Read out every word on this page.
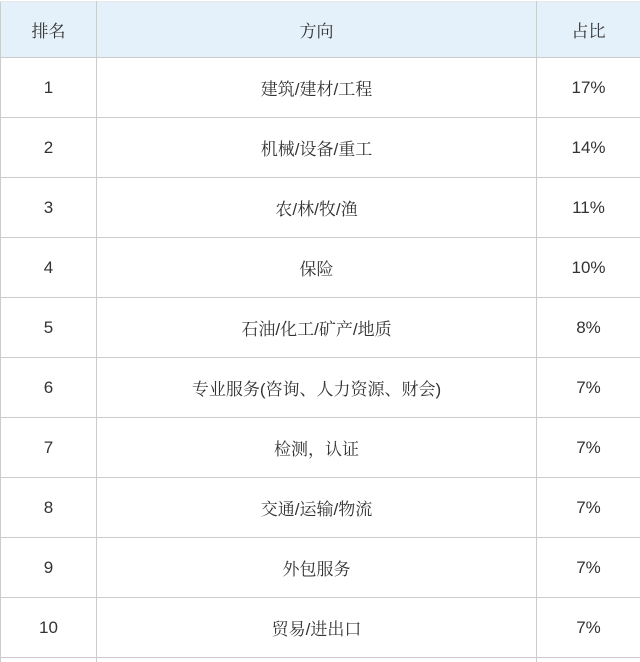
排名	方向	占比
1	建筑/建材/工程	17%
2	机械/设备/重工	14%
3	农/林/牧/渔	11%
4	保险	10%
5	石油/化工/矿产/地质	8%
6	专业服务(咨询、人力资源、财会)	7%
7	检测，认证	7%
8	交通/运输/物流	7%
9	外包服务	7%
10	贸易/进出口	7%
